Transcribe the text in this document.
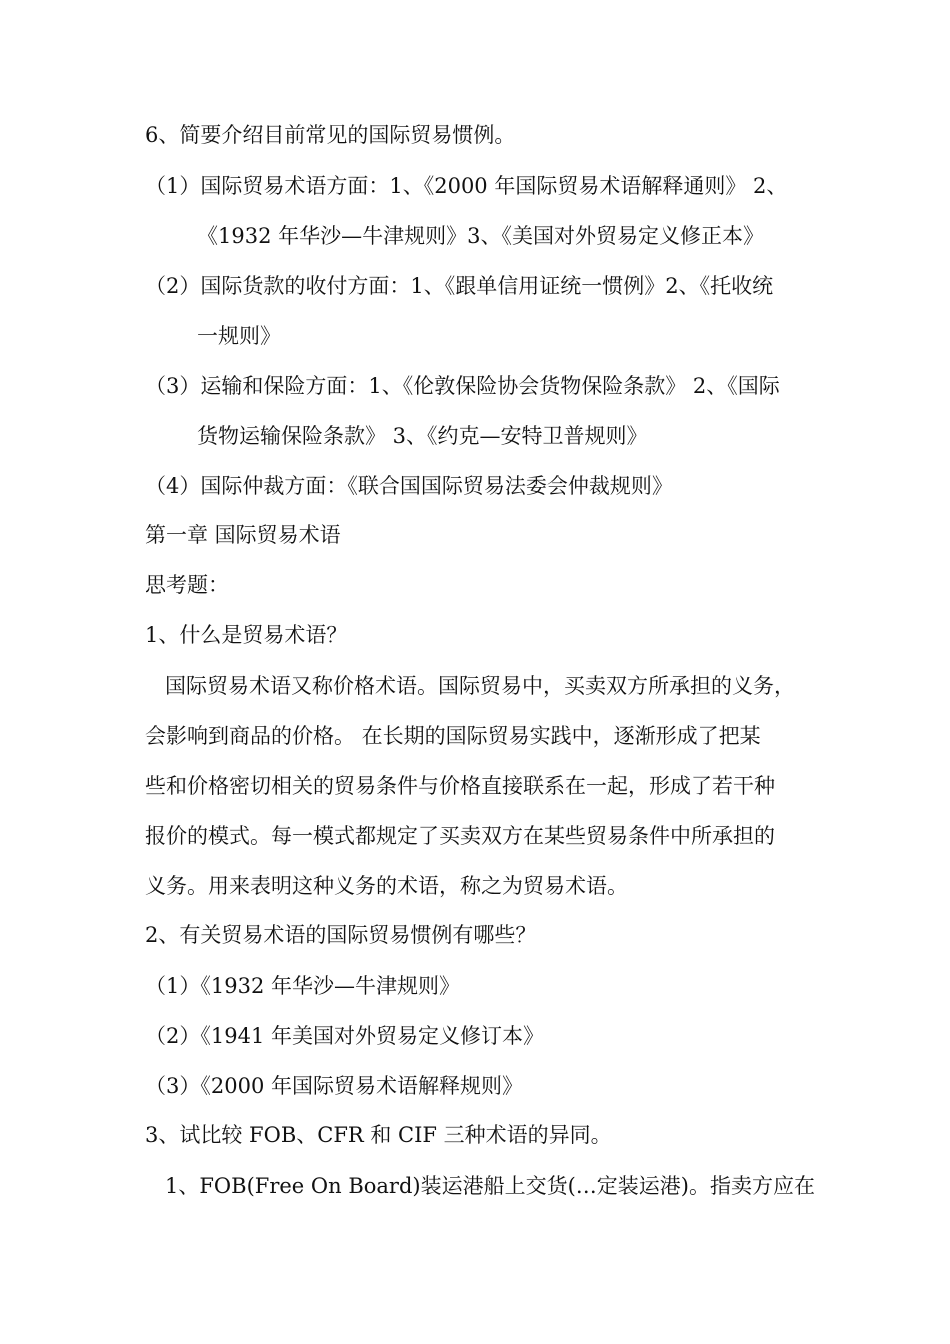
6、简要介绍目前常见的国际贸易惯例。
（1）国际贸易术语方面：1、《2000 年国际贸易术语解释通则》 2、
《1932 年华沙—牛津规则》3、《美国对外贸易定义修正本》
（2）国际货款的收付方面：1、《跟单信用证统一惯例》2、《托收统
一规则》
（3）运输和保险方面：1、《伦敦保险协会货物保险条款》 2、《国际
货物运输保险条款》 3、《约克—安特卫普规则》
（4）国际仲裁方面：《联合国国际贸易法委会仲裁规则》
第一章 国际贸易术语
思考题：
1、什么是贸易术语？
国际贸易术语又称价格术语。国际贸易中，买卖双方所承担的义务，
会影响到商品的价格。 在长期的国际贸易实践中，逐渐形成了把某
些和价格密切相关的贸易条件与价格直接联系在一起，形成了若干种
报价的模式。每一模式都规定了买卖双方在某些贸易条件中所承担的
义务。用来表明这种义务的术语，称之为贸易术语。
2、有关贸易术语的国际贸易惯例有哪些？
（1）《1932 年华沙—牛津规则》
（2）《1941 年美国对外贸易定义修订本》
（3）《2000 年国际贸易术语解释规则》
3、试比较 FOB、CFR 和 CIF 三种术语的异同。
1、FOB(Free On Board)装运港船上交货(…定装运港)。指卖方应在
